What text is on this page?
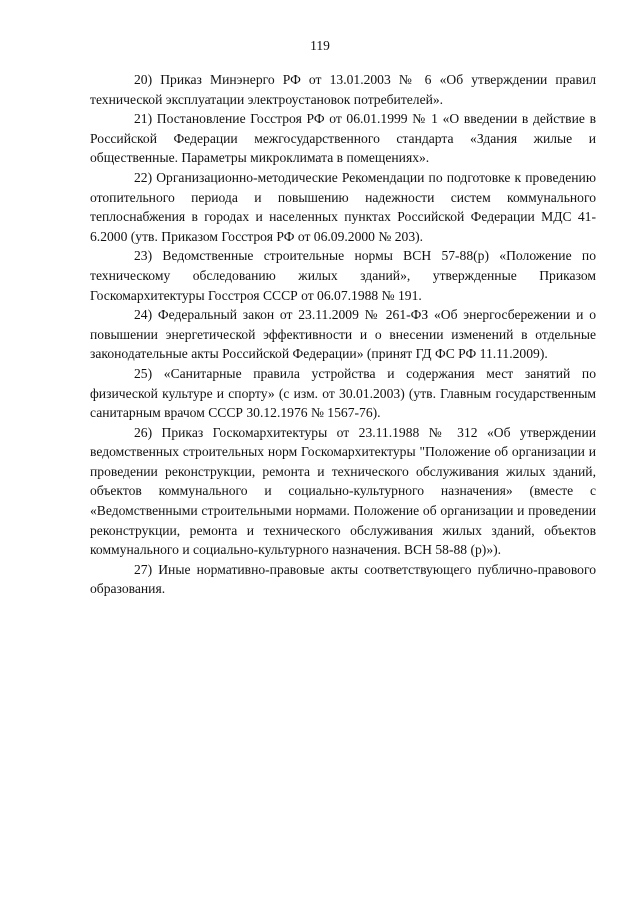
119
20) Приказ Минэнерго РФ от 13.01.2003 № 6 «Об утверждении правил технической эксплуатации электроустановок потребителей».
21) Постановление Госстроя РФ от 06.01.1999 № 1 «О введении в действие в Российской Федерации межгосударственного стандарта «Здания жилые и общественные. Параметры микроклимата в помещениях».
22) Организационно-методические Рекомендации по подготовке к проведению отопительного периода и повышению надежности систем коммунального теплоснабжения в городах и населенных пунктах Российской Федерации МДС 41-6.2000 (утв. Приказом Госстроя РФ от 06.09.2000 № 203).
23) Ведомственные строительные нормы ВСН 57-88(р) «Положение по техническому обследованию жилых зданий», утвержденные Приказом Госкомархитектуры Госстроя СССР от 06.07.1988 № 191.
24) Федеральный закон от 23.11.2009 № 261-ФЗ «Об энергосбережении и о повышении энергетической эффективности и о внесении изменений в отдельные законодательные акты Российской Федерации» (принят ГД ФС РФ 11.11.2009).
25) «Санитарные правила устройства и содержания мест занятий по физической культуре и спорту» (с изм. от 30.01.2003) (утв. Главным государственным санитарным врачом СССР 30.12.1976 № 1567-76).
26) Приказ Госкомархитектуры от 23.11.1988 № 312 «Об утверждении ведомственных строительных норм Госкомархитектуры "Положение об организации и проведении реконструкции, ремонта и технического обслуживания жилых зданий, объектов коммунального и социально-культурного назначения» (вместе с «Ведомственными строительными нормами. Положение об организации и проведении реконструкции, ремонта и технического обслуживания жилых зданий, объектов коммунального и социально-культурного назначения. ВСН 58-88 (р)»).
27) Иные нормативно-правовые акты соответствующего публично-правового образования.
